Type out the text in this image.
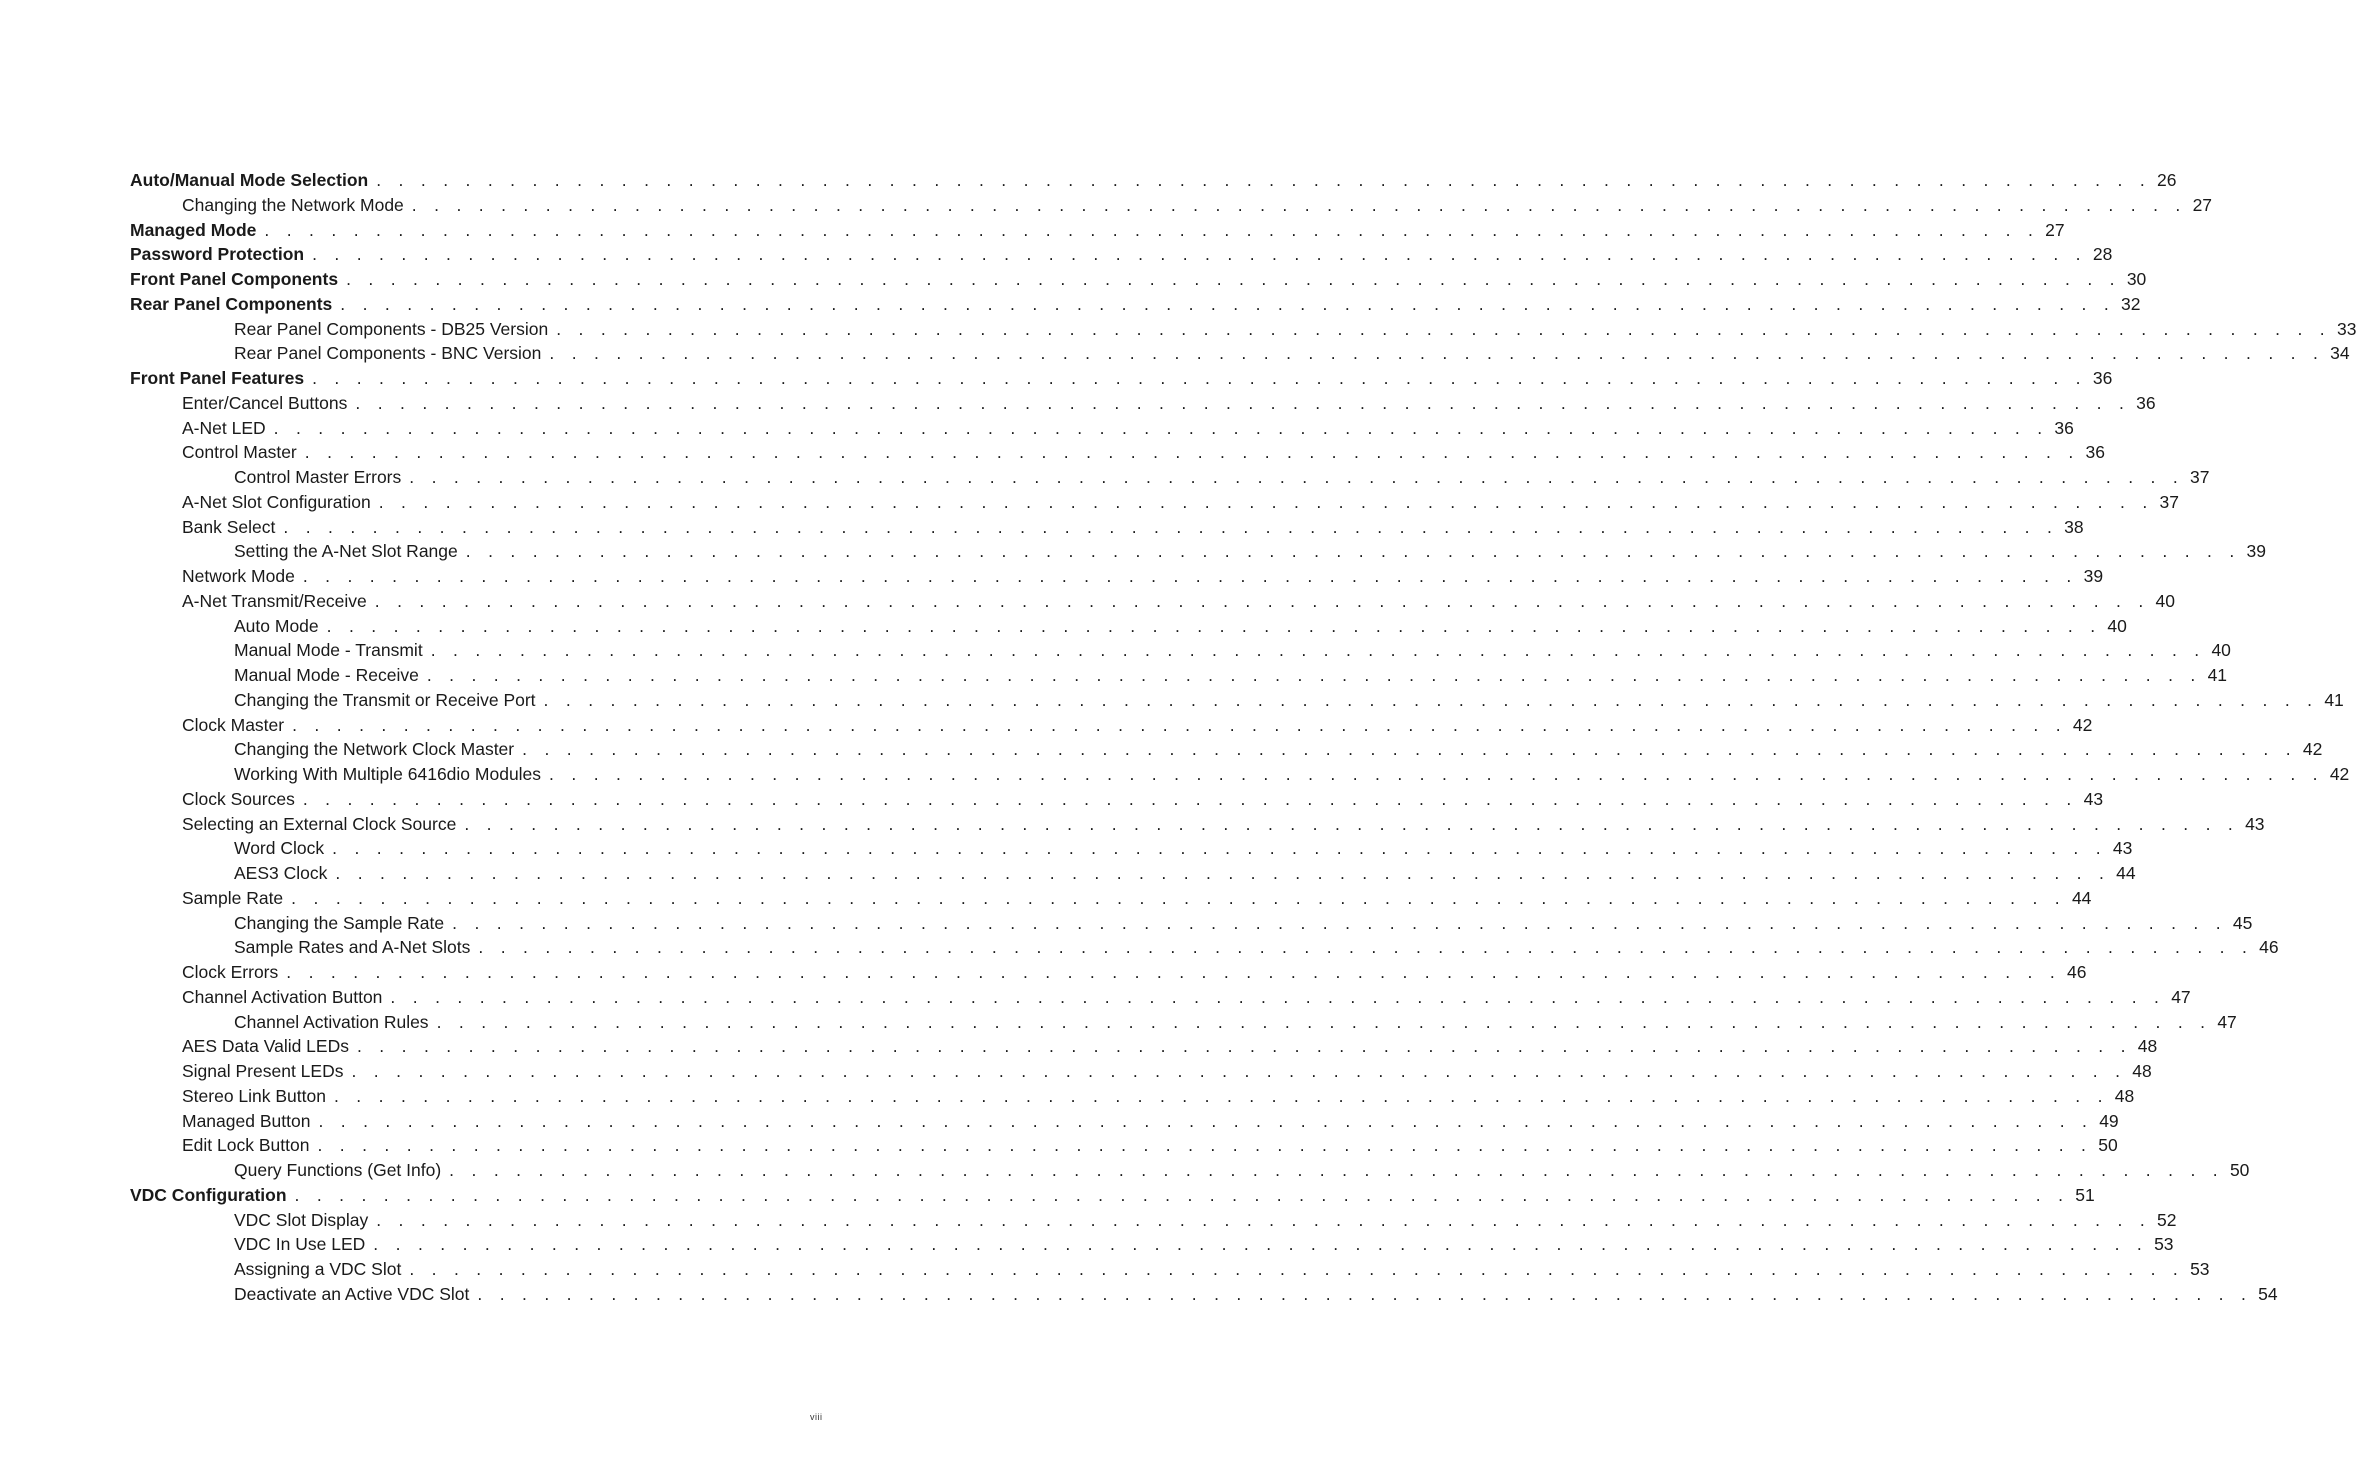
Auto/Manual Mode Selection . . . . . . . . . . . . . . . . . . . . . . . . . . . . . . . . . . . . . . . . . . . . . . . . . . . . . . . . . . . . . . . . . . . . . . . . . . . . . . . . 26
Changing the Network Mode . . . . . . . . . . . . . . . . . . . . . . . . . . . . . . . . . . . . . . . . . . . . . . . . . . . . . . . . . . . . . . . . . . . . . . . . . . . . . . . . 27
Managed Mode . . . . . . . . . . . . . . . . . . . . . . . . . . . . . . . . . . . . . . . . . . . . . . . . . . . . . . . . . . . . . . . . . . . . . . . . . . . . . . . . 27
Password Protection . . . . . . . . . . . . . . . . . . . . . . . . . . . . . . . . . . . . . . . . . . . . . . . . . . . . . . . . . . . . . . . . . . . . . . . . . . . . . . . . 28
Front Panel Components . . . . . . . . . . . . . . . . . . . . . . . . . . . . . . . . . . . . . . . . . . . . . . . . . . . . . . . . . . . . . . . . . . . . . . . . . . . . . . . . 30
Rear Panel Components . . . . . . . . . . . . . . . . . . . . . . . . . . . . . . . . . . . . . . . . . . . . . . . . . . . . . . . . . . . . . . . . . . . . . . . . . . . . . . . . 32
Rear Panel Components - DB25 Version . . . . . . . . . . . . . . . . . . . . . . . . . . . . . . . . . . . . . . . . . . . . . . . . . . . . . . . . . . . . . . . . . . . . . . . . . . . . . . . . 33
Rear Panel Components - BNC Version . . . . . . . . . . . . . . . . . . . . . . . . . . . . . . . . . . . . . . . . . . . . . . . . . . . . . . . . . . . . . . . . . . . . . . . . . . . . . . . . 34
Front Panel Features . . . . . . . . . . . . . . . . . . . . . . . . . . . . . . . . . . . . . . . . . . . . . . . . . . . . . . . . . . . . . . . . . . . . . . . . . . . . . . . . 36
Enter/Cancel Buttons . . . . . . . . . . . . . . . . . . . . . . . . . . . . . . . . . . . . . . . . . . . . . . . . . . . . . . . . . . . . . . . . . . . . . . . . . . . . . . . . 36
A-Net LED . . . . . . . . . . . . . . . . . . . . . . . . . . . . . . . . . . . . . . . . . . . . . . . . . . . . . . . . . . . . . . . . . . . . . . . . . . . . . . . . 36
Control Master . . . . . . . . . . . . . . . . . . . . . . . . . . . . . . . . . . . . . . . . . . . . . . . . . . . . . . . . . . . . . . . . . . . . . . . . . . . . . . . . 36
Control Master Errors . . . . . . . . . . . . . . . . . . . . . . . . . . . . . . . . . . . . . . . . . . . . . . . . . . . . . . . . . . . . . . . . . . . . . . . . . . . . . . . . 37
A-Net Slot Configuration . . . . . . . . . . . . . . . . . . . . . . . . . . . . . . . . . . . . . . . . . . . . . . . . . . . . . . . . . . . . . . . . . . . . . . . . . . . . . . . . 37
Bank Select . . . . . . . . . . . . . . . . . . . . . . . . . . . . . . . . . . . . . . . . . . . . . . . . . . . . . . . . . . . . . . . . . . . . . . . . . . . . . . . . 38
Setting the A-Net Slot Range . . . . . . . . . . . . . . . . . . . . . . . . . . . . . . . . . . . . . . . . . . . . . . . . . . . . . . . . . . . . . . . . . . . . . . . . . . . . . . . . 39
Network Mode . . . . . . . . . . . . . . . . . . . . . . . . . . . . . . . . . . . . . . . . . . . . . . . . . . . . . . . . . . . . . . . . . . . . . . . . . . . . . . . . 39
A-Net Transmit/Receive . . . . . . . . . . . . . . . . . . . . . . . . . . . . . . . . . . . . . . . . . . . . . . . . . . . . . . . . . . . . . . . . . . . . . . . . . . . . . . . . 40
Auto Mode . . . . . . . . . . . . . . . . . . . . . . . . . . . . . . . . . . . . . . . . . . . . . . . . . . . . . . . . . . . . . . . . . . . . . . . . . . . . . . . . 40
Manual Mode - Transmit . . . . . . . . . . . . . . . . . . . . . . . . . . . . . . . . . . . . . . . . . . . . . . . . . . . . . . . . . . . . . . . . . . . . . . . . . . . . . . . . 40
Manual Mode - Receive . . . . . . . . . . . . . . . . . . . . . . . . . . . . . . . . . . . . . . . . . . . . . . . . . . . . . . . . . . . . . . . . . . . . . . . . . . . . . . . . 41
Changing the Transmit or Receive Port . . . . . . . . . . . . . . . . . . . . . . . . . . . . . . . . . . . . . . . . . . . . . . . . . . . . . . . . . . . . . . . . . . . . . . . . . . . . . . . . 41
Clock Master . . . . . . . . . . . . . . . . . . . . . . . . . . . . . . . . . . . . . . . . . . . . . . . . . . . . . . . . . . . . . . . . . . . . . . . . . . . . . . . . 42
Changing the Network Clock Master . . . . . . . . . . . . . . . . . . . . . . . . . . . . . . . . . . . . . . . . . . . . . . . . . . . . . . . . . . . . . . . . . . . . . . . . . . . . . . . . 42
Working With Multiple 6416dio Modules . . . . . . . . . . . . . . . . . . . . . . . . . . . . . . . . . . . . . . . . . . . . . . . . . . . . . . . . . . . . . . . . . . . . . . . . . . . . . . . . 42
Clock Sources . . . . . . . . . . . . . . . . . . . . . . . . . . . . . . . . . . . . . . . . . . . . . . . . . . . . . . . . . . . . . . . . . . . . . . . . . . . . . . . . 43
Selecting an External Clock Source . . . . . . . . . . . . . . . . . . . . . . . . . . . . . . . . . . . . . . . . . . . . . . . . . . . . . . . . . . . . . . . . . . . . . . . . . . . . . . . . 43
Word Clock . . . . . . . . . . . . . . . . . . . . . . . . . . . . . . . . . . . . . . . . . . . . . . . . . . . . . . . . . . . . . . . . . . . . . . . . . . . . . . . . 43
AES3 Clock . . . . . . . . . . . . . . . . . . . . . . . . . . . . . . . . . . . . . . . . . . . . . . . . . . . . . . . . . . . . . . . . . . . . . . . . . . . . . . . . 44
Sample Rate . . . . . . . . . . . . . . . . . . . . . . . . . . . . . . . . . . . . . . . . . . . . . . . . . . . . . . . . . . . . . . . . . . . . . . . . . . . . . . . . 44
Changing the Sample Rate . . . . . . . . . . . . . . . . . . . . . . . . . . . . . . . . . . . . . . . . . . . . . . . . . . . . . . . . . . . . . . . . . . . . . . . . . . . . . . . . 45
Sample Rates and A-Net Slots . . . . . . . . . . . . . . . . . . . . . . . . . . . . . . . . . . . . . . . . . . . . . . . . . . . . . . . . . . . . . . . . . . . . . . . . . . . . . . . . 46
Clock Errors . . . . . . . . . . . . . . . . . . . . . . . . . . . . . . . . . . . . . . . . . . . . . . . . . . . . . . . . . . . . . . . . . . . . . . . . . . . . . . . . 46
Channel Activation Button . . . . . . . . . . . . . . . . . . . . . . . . . . . . . . . . . . . . . . . . . . . . . . . . . . . . . . . . . . . . . . . . . . . . . . . . . . . . . . . . 47
Channel Activation Rules . . . . . . . . . . . . . . . . . . . . . . . . . . . . . . . . . . . . . . . . . . . . . . . . . . . . . . . . . . . . . . . . . . . . . . . . . . . . . . . . 47
AES Data Valid LEDs . . . . . . . . . . . . . . . . . . . . . . . . . . . . . . . . . . . . . . . . . . . . . . . . . . . . . . . . . . . . . . . . . . . . . . . . . . . . . . . . 48
Signal Present LEDs . . . . . . . . . . . . . . . . . . . . . . . . . . . . . . . . . . . . . . . . . . . . . . . . . . . . . . . . . . . . . . . . . . . . . . . . . . . . . . . . 48
Stereo Link Button . . . . . . . . . . . . . . . . . . . . . . . . . . . . . . . . . . . . . . . . . . . . . . . . . . . . . . . . . . . . . . . . . . . . . . . . . . . . . . . . 48
Managed Button . . . . . . . . . . . . . . . . . . . . . . . . . . . . . . . . . . . . . . . . . . . . . . . . . . . . . . . . . . . . . . . . . . . . . . . . . . . . . . . . 49
Edit Lock Button . . . . . . . . . . . . . . . . . . . . . . . . . . . . . . . . . . . . . . . . . . . . . . . . . . . . . . . . . . . . . . . . . . . . . . . . . . . . . . . . 50
Query Functions (Get Info) . . . . . . . . . . . . . . . . . . . . . . . . . . . . . . . . . . . . . . . . . . . . . . . . . . . . . . . . . . . . . . . . . . . . . . . . . . . . . . . . 50
VDC Configuration . . . . . . . . . . . . . . . . . . . . . . . . . . . . . . . . . . . . . . . . . . . . . . . . . . . . . . . . . . . . . . . . . . . . . . . . . . . . . . . . 51
VDC Slot Display . . . . . . . . . . . . . . . . . . . . . . . . . . . . . . . . . . . . . . . . . . . . . . . . . . . . . . . . . . . . . . . . . . . . . . . . . . . . . . . . 52
VDC In Use LED . . . . . . . . . . . . . . . . . . . . . . . . . . . . . . . . . . . . . . . . . . . . . . . . . . . . . . . . . . . . . . . . . . . . . . . . . . . . . . . . 53
Assigning a VDC Slot . . . . . . . . . . . . . . . . . . . . . . . . . . . . . . . . . . . . . . . . . . . . . . . . . . . . . . . . . . . . . . . . . . . . . . . . . . . . . . . . 53
Deactivate an Active VDC Slot . . . . . . . . . . . . . . . . . . . . . . . . . . . . . . . . . . . . . . . . . . . . . . . . . . . . . . . . . . . . . . . . . . . . . . . . . . . . . . . . 54
viii
